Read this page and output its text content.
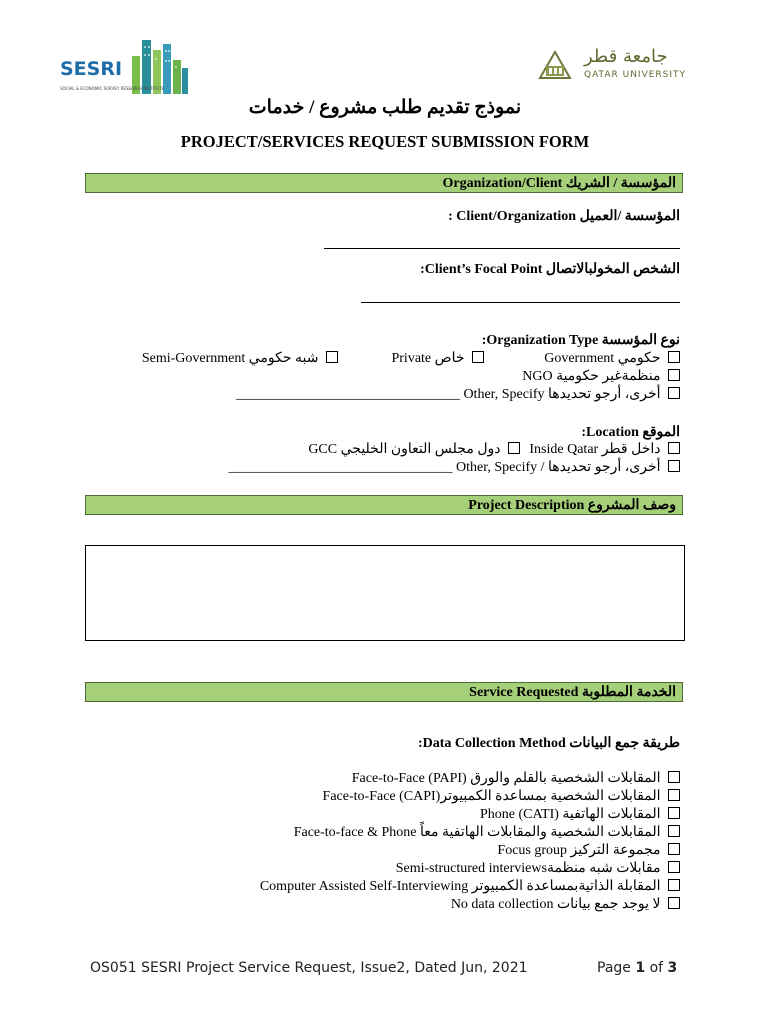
SESRI
SOCIAL & ECONOMIC SURVEY RESEARCH INSTITUTE
جامعة قطر
QATAR UNIVERSITY
نموذج تقديم طلب مشروع / خدمات
PROJECT/SERVICES REQUEST SUBMISSION FORM
المؤسسة / الشريك Organization/Client
المؤسسة /العميل Client/Organization :
الشخص المخولبالاتصال Client’s Focal Point:
نوع المؤسسة Organization Type:
حكومي Government
خاص Private
شبه حكومي Semi-Government
منظمةغير حكومية NGO
أخرى، أرجو تحديدها Other, Specify ________________________________
الموقع Location:
داخل قطر Inside Qatar
دول مجلس التعاون الخليجي GCC
أخرى، أرجو تحديدها / Other, Specify ________________________________
وصف المشروع Project Description
الخدمة المطلوبة Service Requested
طريقة جمع البيانات Data Collection Method:
المقابلات الشخصية بالقلم والورق Face-to-Face (PAPI)
المقابلات الشخصية بمساعدة الكمبيوترFace-to-Face (CAPI)
المقابلات الهاتفية Phone (CATI)
المقابلات الشخصية والمقابلات الهاتفية معاً Face-to-face & Phone
مجموعة التركيز Focus group
مقابلات شبه منظمةSemi-structured interviews
المقابلة الذاتيةبمساعدة الكمبيوتر Computer Assisted Self-Interviewing
لا يوجد جمع بيانات No data collection
OS051 SESRI Project Service Request, Issue2, Dated Jun, 2021	Page 1 of 3
